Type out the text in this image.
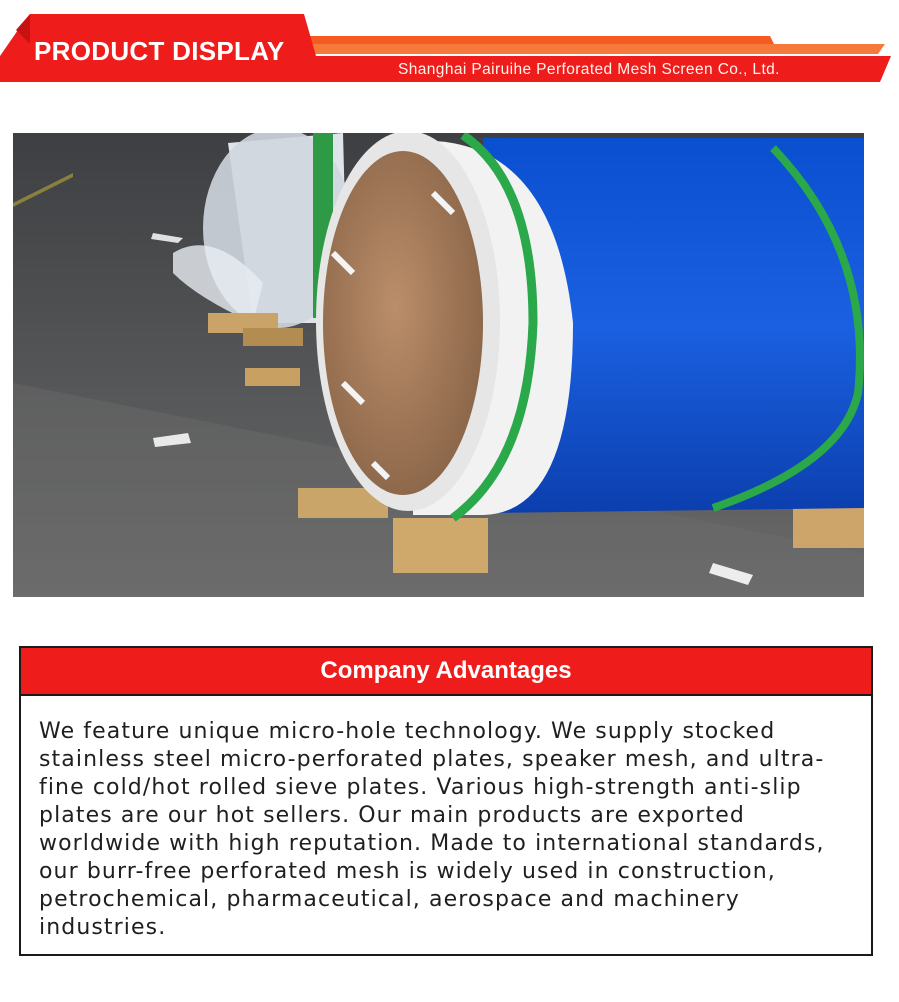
PRODUCT DISPLAY
Shanghai Pairuihe Perforated Mesh Screen Co., Ltd.
Company Advantages
We feature unique micro-hole technology. We supply stocked stainless steel micro-perforated plates, speaker mesh, and ultra-fine cold/hot rolled sieve plates. Various high-strength anti-slip plates are our hot sellers. Our main products are exported worldwide with high reputation. Made to international standards, our burr-free perforated mesh is widely used in construction, petrochemical, pharmaceutical, aerospace and machinery industries.
